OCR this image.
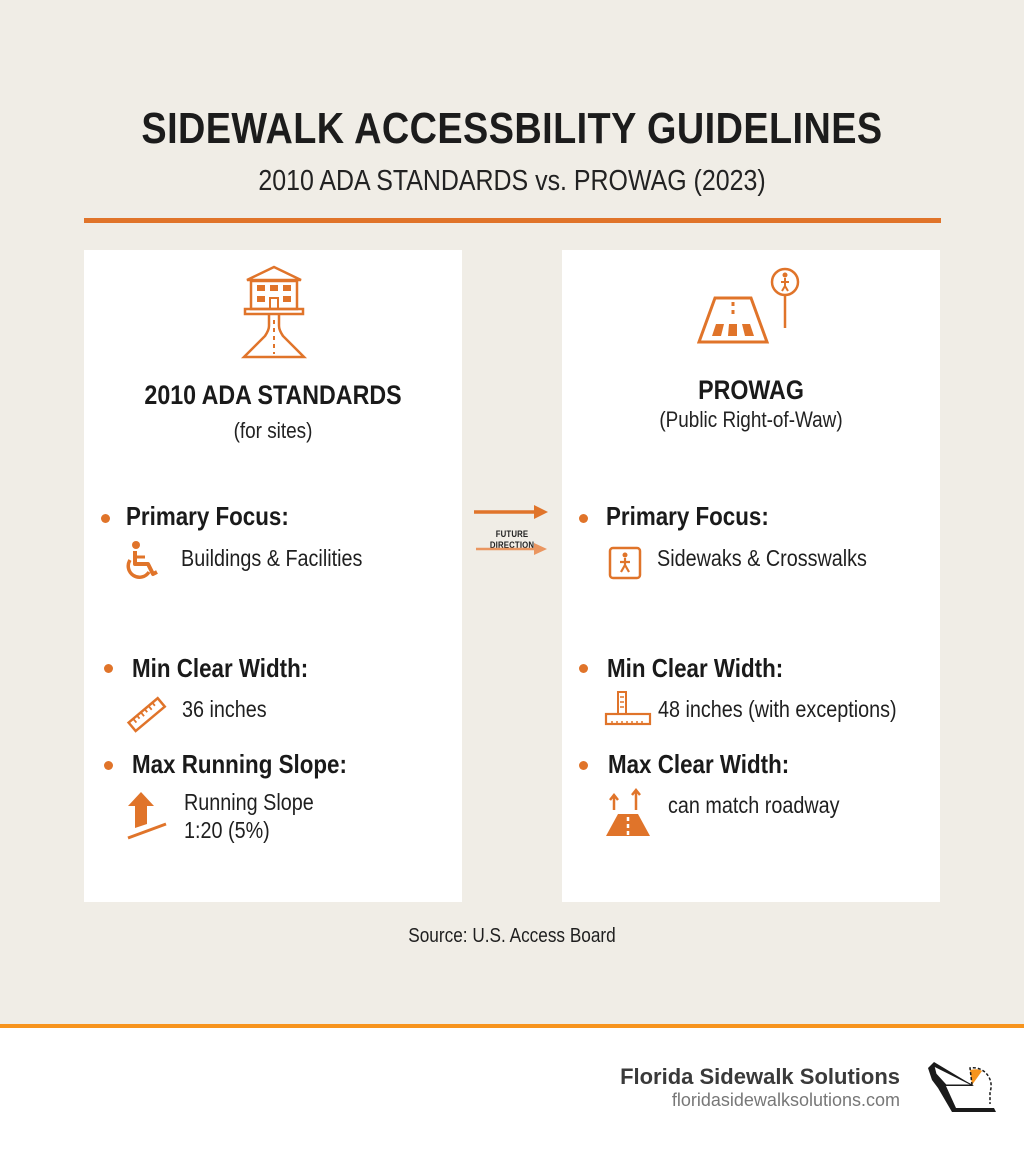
SIDEWALK ACCESSBILITY GUIDELINES
2010 ADA STANDARDS vs. PROWAG (2023)
2010 ADA STANDARDS
(for sites)
Primary Focus:
Buildings & Facilities
Min Clear Width:
36 inches
Max Running Slope:
Running Slope
1:20 (5%)
FUTURE DIRECTION
PROWAG
(Public Right-of-Waw)
Primary Focus:
Sidewaks & Crosswalks
Min Clear Width:
48 inches (with exceptions)
Max Clear Width:
can match roadway
Source: U.S. Access Board
Florida Sidewalk Solutions
floridasidewalksolutions.com
